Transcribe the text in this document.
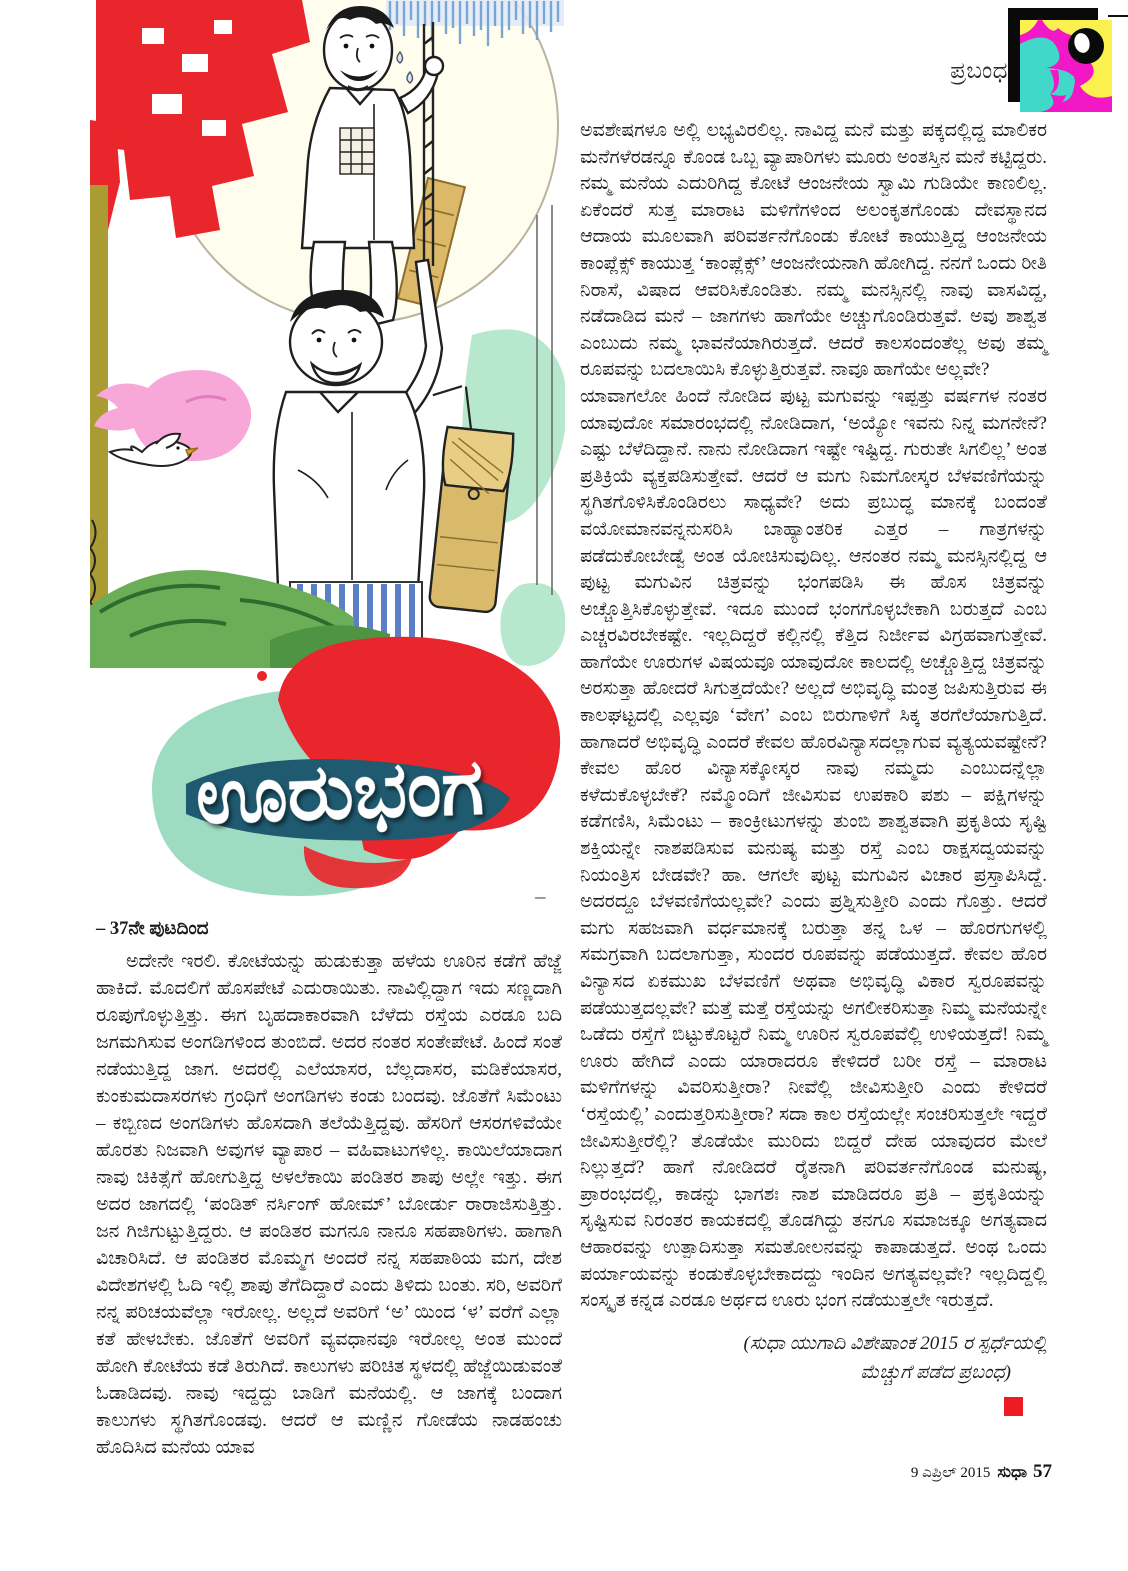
ಪ್ರಬಂಧ
ಊರುಭಂಗ
–
– 37ನೇ ಪುಟದಿಂದ

ಅದೇನೇ ಇರಲಿ. ಕೋಟೆಯನ್ನು ಹುಡುಕುತ್ತಾ ಹಳೆಯ ಊರಿನ ಕಡೆಗೆ ಹೆಜ್ಜೆ ಹಾಕಿದೆ. ಮೊದಲಿಗೆ ಹೊಸಪೇಟೆ ಎದುರಾಯಿತು. ನಾವಿಲ್ಲಿದ್ದಾಗ ಇದು ಸಣ್ಣದಾಗಿ ರೂಪುಗೊಳ್ಳುತ್ತಿತ್ತು. ಈಗ ಬೃಹದಾಕಾರವಾಗಿ ಬೆಳೆದು ರಸ್ತೆಯ ಎರಡೂ ಬದಿ ಜಗಮಗಿಸುವ ಅಂಗಡಿಗಳಿಂದ ತುಂಬಿದೆ. ಅದರ ನಂತರ ಸಂತೇಪೇಟೆ. ಹಿಂದೆ ಸಂತೆ ನಡೆಯುತ್ತಿದ್ದ ಜಾಗ. ಅದರಲ್ಲಿ ಎಲೆಯಾಸರ, ಬೆಲ್ಲದಾಸರ, ಮಡಿಕೆಯಾಸರ, ಕುಂಕುಮದಾಸರಗಳು ಗ್ರಂಧಿಗೆ ಅಂಗಡಿಗಳು ಕಂಡು ಬಂದವು. ಜೊತೆಗೆ ಸಿಮೆಂಟು – ಕಬ್ಬಿಣದ ಅಂಗಡಿಗಳು ಹೊಸದಾಗಿ ತಲೆಯೆತ್ತಿದ್ದವು. ಹೆಸರಿಗೆ ಆಸರಗಳಿವೆಯೇ ಹೊರತು ನಿಜವಾಗಿ ಅವುಗಳ ವ್ಯಾಪಾರ – ವಹಿವಾಟುಗಳಿಲ್ಲ. ಕಾಯಿಲೆಯಾದಾಗ ನಾವು ಚಿಕಿತ್ಸೆಗೆ ಹೋಗುತ್ತಿದ್ದ ಅಳಲೆಕಾಯಿ ಪಂಡಿತರ ಶಾಪು ಅಲ್ಲೇ ಇತ್ತು. ಈಗ ಅದರ ಜಾಗದಲ್ಲಿ ‘ಪಂಡಿತ್ ನರ್ಸಿಂಗ್ ಹೋಮ್’ ಬೋರ್ಡು ರಾರಾಜಿಸುತ್ತಿತ್ತು. ಜನ ಗಿಜಿಗುಟ್ಟುತ್ತಿದ್ದರು. ಆ ಪಂಡಿತರ ಮಗನೂ ನಾನೂ ಸಹಪಾಠಿಗಳು. ಹಾಗಾಗಿ ವಿಚಾರಿಸಿದೆ. ಆ ಪಂಡಿತರ ಮೊಮ್ಮಗ ಅಂದರೆ ನನ್ನ ಸಹಪಾಠಿಯ ಮಗ, ದೇಶ ವಿದೇಶಗಳಲ್ಲಿ ಓದಿ ಇಲ್ಲಿ ಶಾಪು ತೆಗೆದಿದ್ದಾರೆ ಎಂದು ತಿಳಿದು ಬಂತು. ಸರಿ, ಅವರಿಗೆ ನನ್ನ ಪರಿಚಯವೆಲ್ಲಾ ಇರೋಲ್ಲ. ಅಲ್ಲದೆ ಅವರಿಗೆ ‘ಅ’ ಯಿಂದ ‘ಳ’ ವರೆಗೆ ಎಲ್ಲಾ ಕತೆ ಹೇಳಬೇಕು. ಜೊತೆಗೆ ಅವರಿಗೆ ವ್ಯವಧಾನವೂ ಇರೋಲ್ಲ ಅಂತ ಮುಂದೆ ಹೋಗಿ ಕೋಟೆಯ ಕಡೆ ತಿರುಗಿದೆ. ಕಾಲುಗಳು ಪರಿಚಿತ ಸ್ಥಳದಲ್ಲಿ ಹೆಜ್ಜೆಯಿಡುವಂತೆ ಓಡಾಡಿದವು. ನಾವು ಇದ್ದದ್ದು ಬಾಡಿಗೆ ಮನೆಯಲ್ಲಿ. ಆ ಜಾಗಕ್ಕೆ ಬಂದಾಗ ಕಾಲುಗಳು ಸ್ಥಗಿತಗೊಂಡವು. ಆದರೆ ಆ ಮಣ್ಣಿನ ಗೋಡೆಯ ನಾಡಹಂಚು ಹೊದಿಸಿದ ಮನೆಯ ಯಾವ

ಅವಶೇಷಗಳೂ ಅಲ್ಲಿ ಲಭ್ಯವಿರಲಿಲ್ಲ. ನಾವಿದ್ದ ಮನೆ ಮತ್ತು ಪಕ್ಕದಲ್ಲಿದ್ದ ಮಾಲಿಕರ ಮನೆಗಳೆರಡನ್ನೂ ಕೊಂಡ ಒಬ್ಬ ವ್ಯಾಪಾರಿಗಳು ಮೂರು ಅಂತಸ್ತಿನ ಮನೆ ಕಟ್ಟಿದ್ದರು. ನಮ್ಮ ಮನೆಯ ಎದುರಿಗಿದ್ದ ಕೋಟೆ ಆಂಜನೇಯ ಸ್ವಾಮಿ ಗುಡಿಯೇ ಕಾಣಲಿಲ್ಲ. ಏಕೆಂದರೆ ಸುತ್ತ ಮಾರಾಟ ಮಳಿಗೆಗಳಿಂದ ಅಲಂಕೃತಗೊಂಡು ದೇವಸ್ಥಾನದ ಆದಾಯ ಮೂಲವಾಗಿ ಪರಿವರ್ತನೆಗೊಂಡು ಕೋಟೆ ಕಾಯುತ್ತಿದ್ದ ಆಂಜನೇಯ ಕಾಂಪ್ಲೆಕ್ಸ್ ಕಾಯುತ್ತ ‘ಕಾಂಪ್ಲೆಕ್ಸ್’ ಆಂಜನೇಯನಾಗಿ ಹೋಗಿದ್ದ. ನನಗೆ ಒಂದು ರೀತಿ ನಿರಾಸೆ, ವಿಷಾದ ಆವರಿಸಿಕೊಂಡಿತು. ನಮ್ಮ ಮನಸ್ಸಿನಲ್ಲಿ ನಾವು ವಾಸವಿದ್ದ, ನಡೆದಾಡಿದ ಮನೆ – ಜಾಗಗಳು ಹಾಗೆಯೇ ಅಚ್ಚುಗೊಂಡಿರುತ್ತವೆ. ಅವು ಶಾಶ್ವತ ಎಂಬುದು ನಮ್ಮ ಭಾವನೆಯಾಗಿರುತ್ತದೆ. ಆದರೆ ಕಾಲಸಂದಂತೆಲ್ಲ ಅವು ತಮ್ಮ ರೂಪವನ್ನು ಬದಲಾಯಿಸಿ ಕೊಳ್ಳುತ್ತಿರುತ್ತವೆ. ನಾವೂ ಹಾಗೆಯೇ ಅಲ್ಲವೇ?

ಯಾವಾಗಲೋ ಹಿಂದೆ ನೋಡಿದ ಪುಟ್ಟ ಮಗುವನ್ನು ಇಪ್ಪತ್ತು ವರ್ಷಗಳ ನಂತರ ಯಾವುದೋ ಸಮಾರಂಭದಲ್ಲಿ ನೋಡಿದಾಗ, ‘ಅಯ್ಯೋ ಇವನು ನಿನ್ನ ಮಗನೇನೆ? ಎಷ್ಟು ಬೆಳೆದಿದ್ದಾನೆ. ನಾನು ನೋಡಿದಾಗ ಇಷ್ಟೇ ಇಷ್ಟಿದ್ದ. ಗುರುತೇ ಸಿಗಲಿಲ್ಲ’ ಅಂತ ಪ್ರತಿಕ್ರಿಯೆ ವ್ಯಕ್ತಪಡಿಸುತ್ತೇವೆ. ಆದರೆ ಆ ಮಗು ನಿಮಗೋಸ್ಕರ ಬೆಳವಣಿಗೆಯನ್ನು ಸ್ಥಗಿತಗೊಳಿಸಿಕೊಂಡಿರಲು ಸಾಧ್ಯವೇ? ಅದು ಪ್ರಬುದ್ಧ ಮಾನಕ್ಕೆ ಬಂದಂತೆ ವಯೋಮಾನವನ್ನನುಸರಿಸಿ ಬಾಹ್ಯಾಂತರಿಕ ಎತ್ತರ – ಗಾತ್ರಗಳನ್ನು ಪಡೆದುಕೋಬೇಡ್ವೆ ಅಂತ ಯೋಚಿಸುವುದಿಲ್ಲ. ಆನಂತರ ನಮ್ಮ ಮನಸ್ಸಿನಲ್ಲಿದ್ದ ಆ ಪುಟ್ಟ ಮಗುವಿನ ಚಿತ್ರವನ್ನು ಭಂಗಪಡಿಸಿ ಈ ಹೊಸ ಚಿತ್ರವನ್ನು ಅಚ್ಚೊತ್ತಿಸಿಕೊಳ್ಳುತ್ತೇವೆ. ಇದೂ ಮುಂದೆ ಭಂಗಗೊಳ್ಳಬೇಕಾಗಿ ಬರುತ್ತದೆ ಎಂಬ ಎಚ್ಚರವಿರಬೇಕಷ್ಟೇ. ಇಲ್ಲದಿದ್ದರೆ ಕಲ್ಲಿನಲ್ಲಿ ಕೆತ್ತಿದ ನಿರ್ಜೀವ ವಿಗ್ರಹವಾಗುತ್ತೇವೆ. ಹಾಗೆಯೇ ಊರುಗಳ ವಿಷಯವೂ ಯಾವುದೋ ಕಾಲದಲ್ಲಿ ಅಚ್ಚೊತ್ತಿದ್ದ ಚಿತ್ರವನ್ನು ಅರಸುತ್ತಾ ಹೋದರೆ ಸಿಗುತ್ತದೆಯೇ? ಅಲ್ಲದೆ ಅಭಿವೃದ್ಧಿ ಮಂತ್ರ ಜಪಿಸುತ್ತಿರುವ ಈ ಕಾಲಘಟ್ಟದಲ್ಲಿ ಎಲ್ಲವೂ ‘ವೇಗ’ ಎಂಬ ಬಿರುಗಾಳಿಗೆ ಸಿಕ್ಕ ತರಗೆಲೆಯಾಗುತ್ತಿದೆ. ಹಾಗಾದರೆ ಅಭಿವೃದ್ಧಿ ಎಂದರೆ ಕೇವಲ ಹೊರವಿನ್ಯಾಸದಲ್ಲಾಗುವ ವ್ಯತ್ಯಯವಷ್ಟೇನೆ? ಕೇವಲ ಹೊರ ವಿನ್ಯಾಸಕ್ಕೋಸ್ಕರ ನಾವು ನಮ್ಮದು ಎಂಬುದನ್ನೆಲ್ಲಾ ಕಳೆದುಕೊಳ್ಳಬೇಕೆ? ನಮ್ಮೊಂದಿಗೆ ಜೀವಿಸುವ ಉಪಕಾರಿ ಪಶು – ಪಕ್ಷಿಗಳನ್ನು ಕಡೆಗಣಿಸಿ, ಸಿಮೆಂಟು – ಕಾಂಕ್ರೀಟುಗಳನ್ನು ತುಂಬಿ ಶಾಶ್ವತವಾಗಿ ಪ್ರಕೃತಿಯ ಸೃಷ್ಟಿ ಶಕ್ತಿಯನ್ನೇ ನಾಶಪಡಿಸುವ ಮನುಷ್ಯ ಮತ್ತು ರಸ್ತೆ ಎಂಬ ರಾಕ್ಷಸದ್ವಯವನ್ನು ನಿಯಂತ್ರಿಸ ಬೇಡವೇ? ಹಾ. ಆಗಲೇ ಪುಟ್ಟ ಮಗುವಿನ ವಿಚಾರ ಪ್ರಸ್ತಾಪಿಸಿದ್ದೆ. ಅದರದ್ದೂ ಬೆಳವಣಿಗೆಯಲ್ಲವೇ? ಎಂದು ಪ್ರಶ್ನಿಸುತ್ತೀರಿ ಎಂದು ಗೊತ್ತು. ಆದರೆ ಮಗು ಸಹಜವಾಗಿ ವರ್ಧಮಾನಕ್ಕೆ ಬರುತ್ತಾ ತನ್ನ ಒಳ – ಹೊರಗುಗಳಲ್ಲಿ ಸಮಗ್ರವಾಗಿ ಬದಲಾಗುತ್ತಾ, ಸುಂದರ ರೂಪವನ್ನು ಪಡೆಯುತ್ತದೆ. ಕೇವಲ ಹೊರ ವಿನ್ಯಾಸದ ಏಕಮುಖ ಬೆಳವಣಿಗೆ ಅಥವಾ ಅಭಿವೃದ್ಧಿ ವಿಕಾರ ಸ್ವರೂಪವನ್ನು ಪಡೆಯುತ್ತದಲ್ಲವೇ? ಮತ್ತೆ ಮತ್ತೆ ರಸ್ತೆಯನ್ನು ಅಗಲೀಕರಿಸುತ್ತಾ ನಿಮ್ಮ ಮನೆಯನ್ನೇ ಒಡೆದು ರಸ್ತೆಗೆ ಬಿಟ್ಟುಕೊಟ್ಟರೆ ನಿಮ್ಮ ಊರಿನ ಸ್ವರೂಪವೆಲ್ಲಿ ಉಳಿಯತ್ತದೆ! ನಿಮ್ಮ ಊರು ಹೇಗಿದೆ ಎಂದು ಯಾರಾದರೂ ಕೇಳಿದರೆ ಬರೀ ರಸ್ತೆ – ಮಾರಾಟ ಮಳಿಗೆಗಳನ್ನು ವಿವರಿಸುತ್ತೀರಾ? ನೀವೆಲ್ಲಿ ಜೀವಿಸುತ್ತೀರಿ ಎಂದು ಕೇಳಿದರೆ ‘ರಸ್ತೆಯಲ್ಲಿ’ ಎಂದುತ್ತರಿಸುತ್ತೀರಾ? ಸದಾ ಕಾಲ ರಸ್ತೆಯಲ್ಲೇ ಸಂಚರಿಸುತ್ತಲೇ ಇದ್ದರೆ ಜೀವಿಸುತ್ತೀರೆಲ್ಲಿ? ತೊಡೆಯೇ ಮುರಿದು ಬಿದ್ದರೆ ದೇಹ ಯಾವುದರ ಮೇಲೆ ನಿಲ್ಲುತ್ತದೆ? ಹಾಗೆ ನೋಡಿದರೆ ರೈತನಾಗಿ ಪರಿವರ್ತನೆಗೊಂಡ ಮನುಷ್ಯ, ಪ್ರಾರಂಭದಲ್ಲಿ, ಕಾಡನ್ನು ಭಾಗಶಃ ನಾಶ ಮಾಡಿದರೂ ಪ್ರತಿ – ಪ್ರಕೃತಿಯನ್ನು ಸೃಷ್ಟಿಸುವ ನಿರಂತರ ಕಾಯಕದಲ್ಲಿ ತೊಡಗಿದ್ದು ತನಗೂ ಸಮಾಜಕ್ಕೂ ಅಗತ್ಯವಾದ ಆಹಾರವನ್ನು ಉತ್ಪಾದಿಸುತ್ತಾ ಸಮತೋಲನವನ್ನು ಕಾಪಾಡುತ್ತದೆ. ಅಂಥ ಒಂದು ಪರ್ಯಾಯವನ್ನು ಕಂಡುಕೊಳ್ಳಬೇಕಾದದ್ದು ಇಂದಿನ ಅಗತ್ಯವಲ್ಲವೇ? ಇಲ್ಲದಿದ್ದಲ್ಲಿ ಸಂಸ್ಕೃತ ಕನ್ನಡ ಎರಡೂ ಅರ್ಥದ ಊರು ಭಂಗ ನಡೆಯುತ್ತಲೇ ಇರುತ್ತದೆ.

(ಸುಧಾ ಯುಗಾದಿ ವಿಶೇಷಾಂಕ 2015 ರ ಸ್ಪರ್ಧೆಯಲ್ಲಿ
ಮೆಚ್ಚುಗೆ ಪಡೆದ ಪ್ರಬಂಧ)
9 ಎಪ್ರಿಲ್ 2015 ಸುಧಾ 57
